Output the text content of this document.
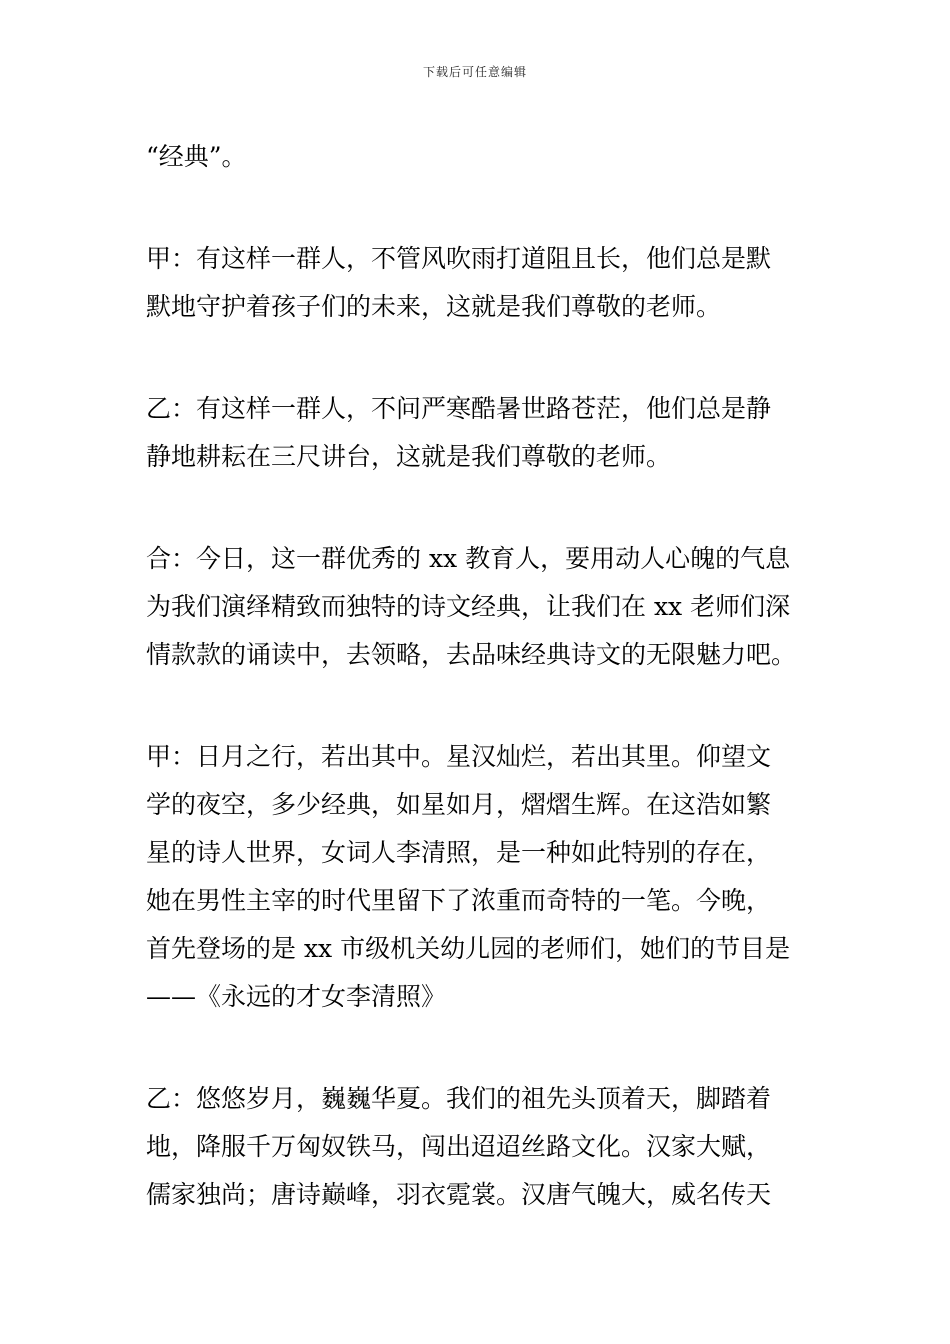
下载后可任意编辑

“经典”。

甲：有这样一群人，不管风吹雨打道阻且长，他们总是默
默地守护着孩子们的未来，这就是我们尊敬的老师。

乙：有这样一群人，不问严寒酷暑世路苍茫，他们总是静
静地耕耘在三尺讲台，这就是我们尊敬的老师。

合：今日，这一群优秀的 xx 教育人，要用动人心魄的气息
为我们演绎精致而独特的诗文经典，让我们在 xx 老师们深
情款款的诵读中，去领略，去品味经典诗文的无限魅力吧。

甲：日月之行，若出其中。星汉灿烂，若出其里。仰望文
学的夜空，多少经典，如星如月，熠熠生辉。在这浩如繁
星的诗人世界，女词人李清照，是一种如此特别的存在，
她在男性主宰的时代里留下了浓重而奇特的一笔。今晚，
首先登场的是 xx 市级机关幼儿园的老师们，她们的节目是
——《永远的才女李清照》

乙：悠悠岁月，巍巍华夏。我们的祖先头顶着天，脚踏着
地，降服千万匈奴铁马，闯出迢迢丝路文化。汉家大赋，
儒家独尚；唐诗巅峰，羽衣霓裳。汉唐气魄大，威名传天
